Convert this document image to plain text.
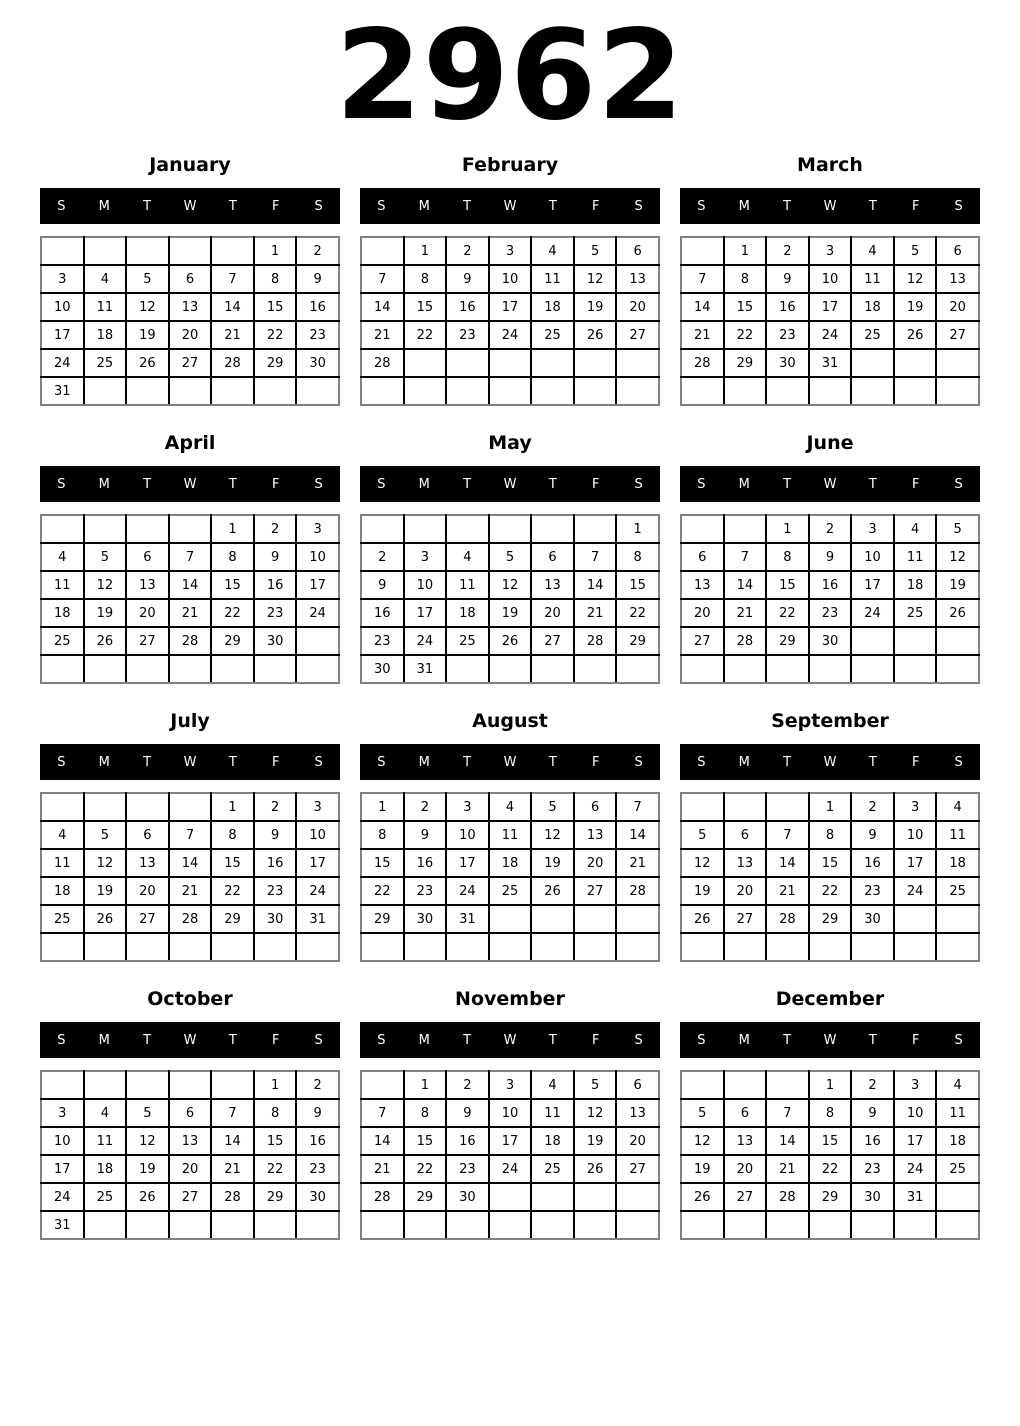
2962
January
S	M	T	W	T	F	S
					1	2
3	4	5	6	7	8	9
10	11	12	13	14	15	16
17	18	19	20	21	22	23
24	25	26	27	28	29	30
31						
February
S	M	T	W	T	F	S
	1	2	3	4	5	6
7	8	9	10	11	12	13
14	15	16	17	18	19	20
21	22	23	24	25	26	27
28						

March
S	M	T	W	T	F	S
	1	2	3	4	5	6
7	8	9	10	11	12	13
14	15	16	17	18	19	20
21	22	23	24	25	26	27
28	29	30	31			

April
S	M	T	W	T	F	S
				1	2	3
4	5	6	7	8	9	10
11	12	13	14	15	16	17
18	19	20	21	22	23	24
25	26	27	28	29	30	

May
S	M	T	W	T	F	S
						1
2	3	4	5	6	7	8
9	10	11	12	13	14	15
16	17	18	19	20	21	22
23	24	25	26	27	28	29
30	31					
June
S	M	T	W	T	F	S
		1	2	3	4	5
6	7	8	9	10	11	12
13	14	15	16	17	18	19
20	21	22	23	24	25	26
27	28	29	30			

July
S	M	T	W	T	F	S
				1	2	3
4	5	6	7	8	9	10
11	12	13	14	15	16	17
18	19	20	21	22	23	24
25	26	27	28	29	30	31

August
S	M	T	W	T	F	S
1	2	3	4	5	6	7
8	9	10	11	12	13	14
15	16	17	18	19	20	21
22	23	24	25	26	27	28
29	30	31				

September
S	M	T	W	T	F	S
			1	2	3	4
5	6	7	8	9	10	11
12	13	14	15	16	17	18
19	20	21	22	23	24	25
26	27	28	29	30		

October
S	M	T	W	T	F	S
					1	2
3	4	5	6	7	8	9
10	11	12	13	14	15	16
17	18	19	20	21	22	23
24	25	26	27	28	29	30
31						
November
S	M	T	W	T	F	S
	1	2	3	4	5	6
7	8	9	10	11	12	13
14	15	16	17	18	19	20
21	22	23	24	25	26	27
28	29	30				

December
S	M	T	W	T	F	S
			1	2	3	4
5	6	7	8	9	10	11
12	13	14	15	16	17	18
19	20	21	22	23	24	25
26	27	28	29	30	31	
